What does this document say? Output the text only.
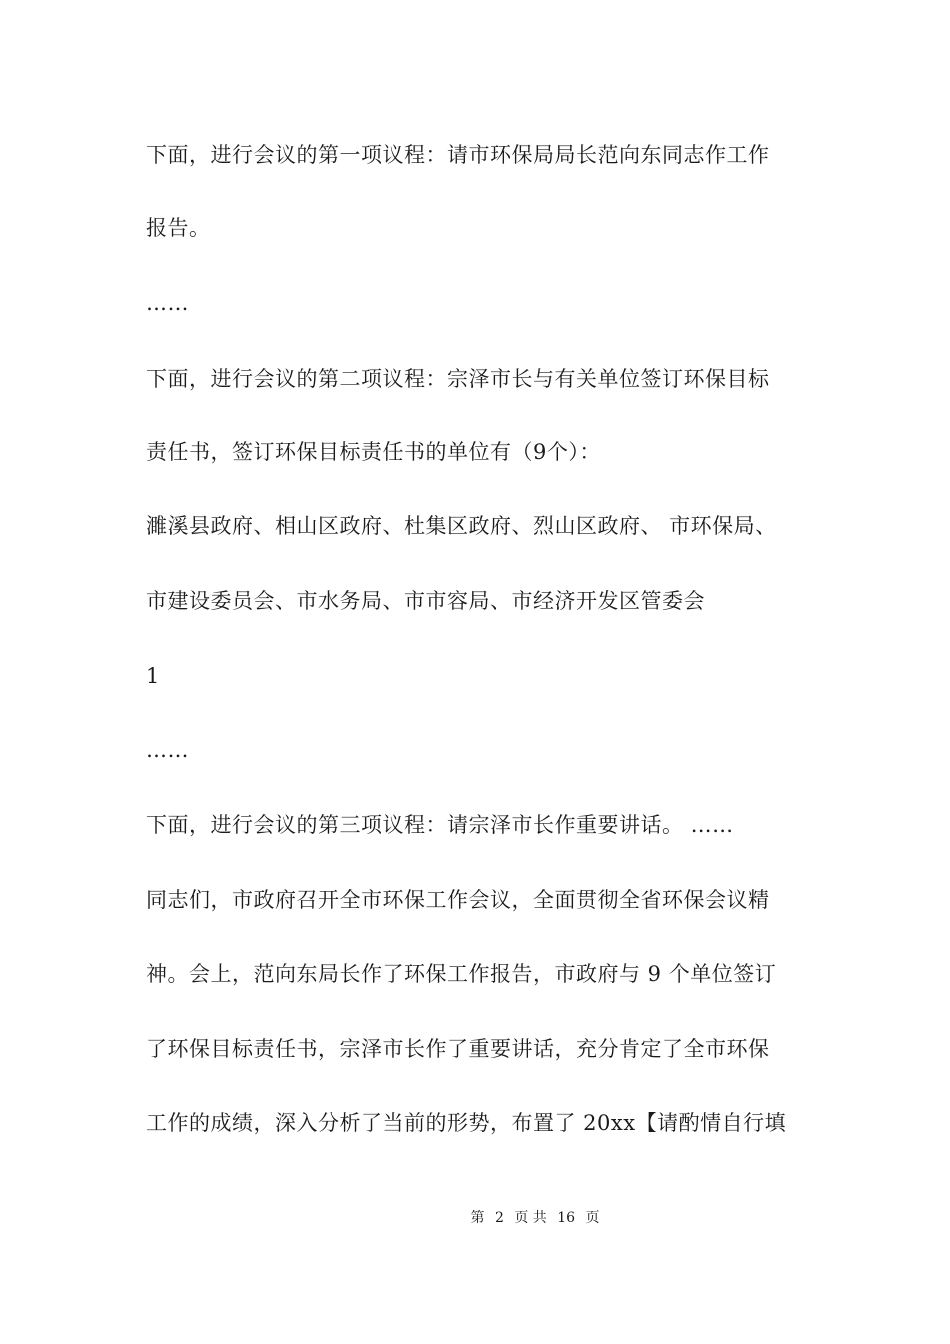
下面，进行会议的第一项议程：请市环保局局长范向东同志作工作
报告。
……
下面，进行会议的第二项议程：宗泽市长与有关单位签订环保目标
责任书，签订环保目标责任书的单位有（9个）：
濉溪县政府、相山区政府、杜集区政府、烈山区政府、 市环保局、
市建设委员会、市水务局、市市容局、市经济开发区管委会
1
……
下面，进行会议的第三项议程：请宗泽市长作重要讲话。 ……
同志们，市政府召开全市环保工作会议，全面贯彻全省环保会议精
神。会上，范向东局长作了环保工作报告，市政府与 9 个单位签订
了环保目标责任书，宗泽市长作了重要讲话，充分肯定了全市环保
工作的成绩，深入分析了当前的形势，布置了 20xx【请酌情自行填
第 2 页 共 16 页
